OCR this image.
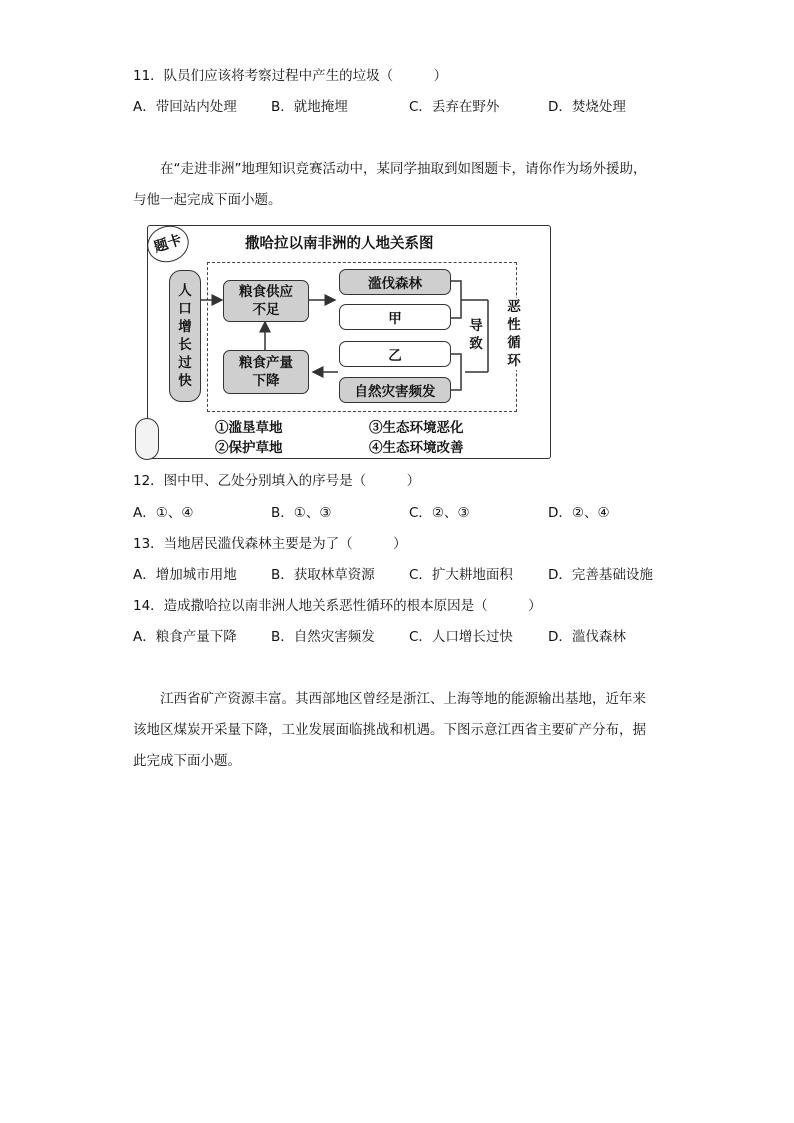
11．队员们应该将考察过程中产生的垃圾（　　　）
A．带回站内处理	B．就地掩埋	C．丢弃在野外	D．焚烧处理
在“走进非洲”地理知识竞赛活动中，某同学抽取到如图题卡，请你作为场外援助，
与他一起完成下面小题。
题卡	撒哈拉以南非洲的人地关系图
人口增长过快
粮食供应不足
滥伐森林
甲
乙
自然灾害频发
粮食产量下降
导致
恶性循环
①滥垦草地	③生态环境恶化
②保护草地	④生态环境改善
12．图中甲、乙处分别填入的序号是（　　　）
A．①、④	B．①、③	C．②、③	D．②、④
13．当地居民滥伐森林主要是为了（　　　）
A．增加城市用地	B．获取林草资源	C．扩大耕地面积	D．完善基础设施
14．造成撒哈拉以南非洲人地关系恶性循环的根本原因是（　　　）
A．粮食产量下降	B．自然灾害频发	C．人口增长过快	D．滥伐森林
江西省矿产资源丰富。其西部地区曾经是浙江、上海等地的能源输出基地，近年来
该地区煤炭开采量下降，工业发展面临挑战和机遇。下图示意江西省主要矿产分布，据
此完成下面小题。
